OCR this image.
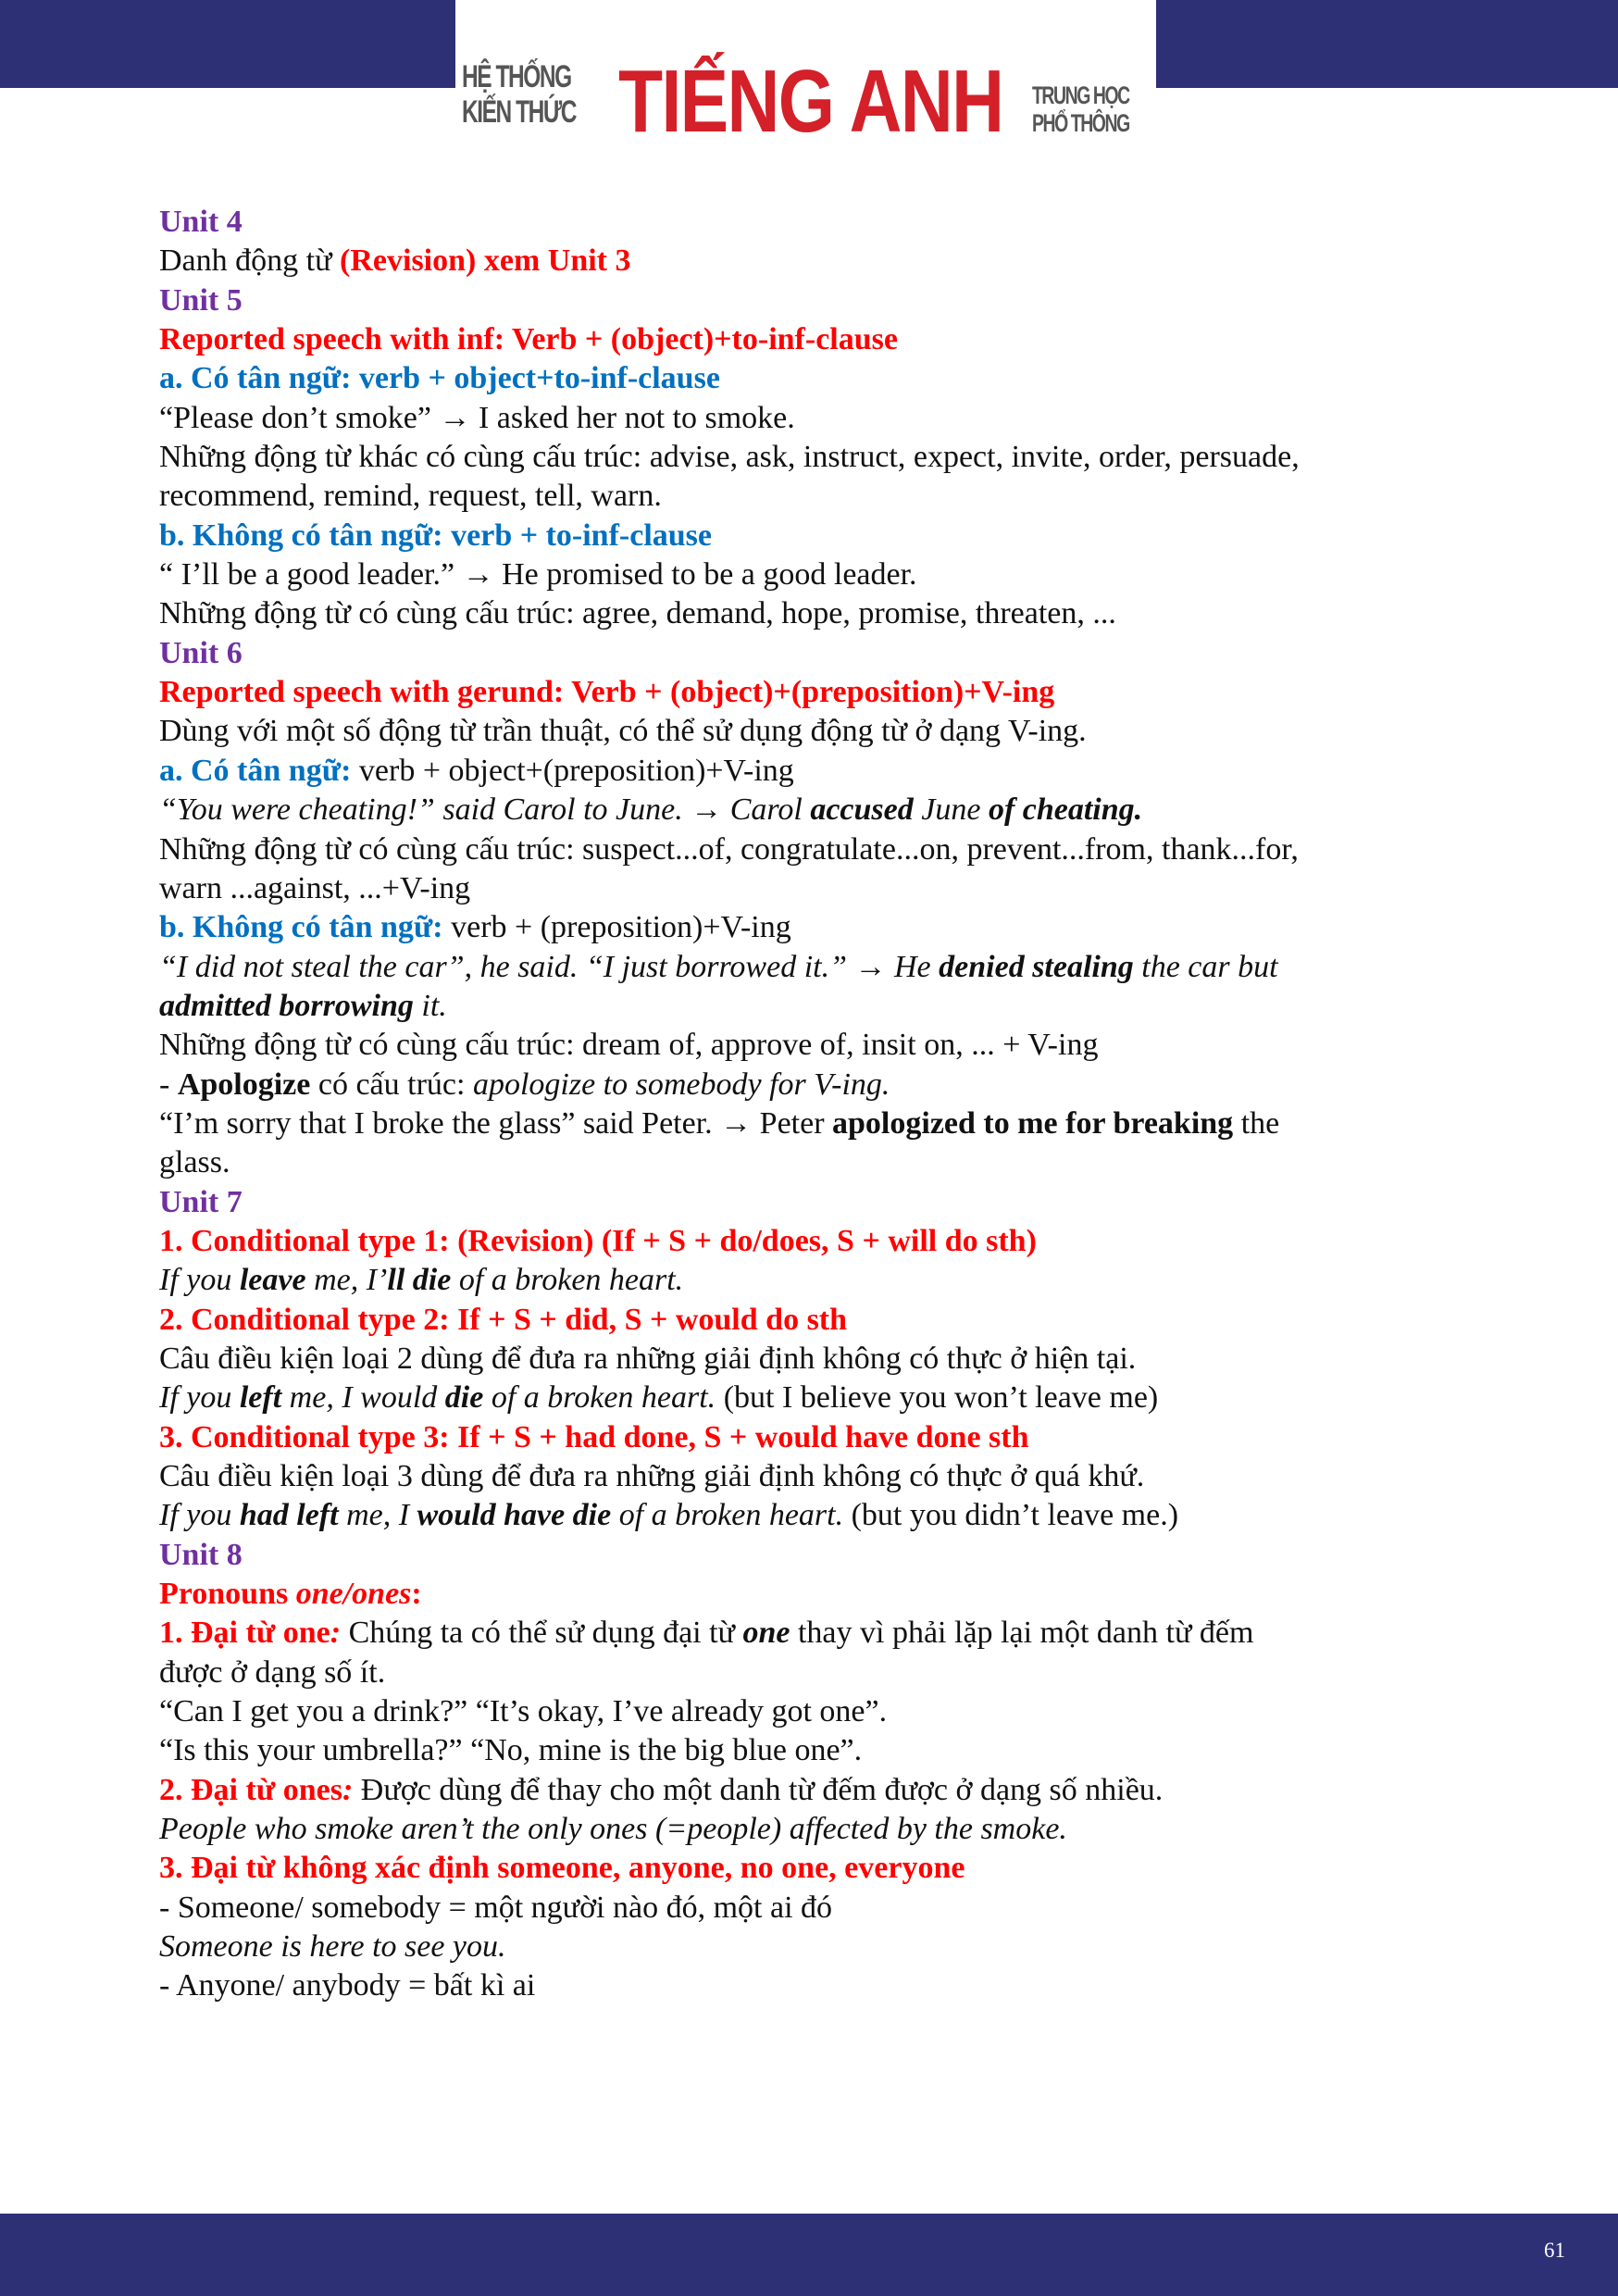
HỆ THỐNG
KIẾN THỨC TIẾNG ANH TRUNG HỌC
PHỔ THÔNG
Unit 4
Danh động từ (Revision) xem Unit 3
Unit 5
Reported speech with inf: Verb + (object)+to-inf-clause
a. Có tân ngữ: verb + object+to-inf-clause
“Please don’t smoke” → I asked her not to smoke.
Những động từ khác có cùng cấu trúc: advise, ask, instruct, expect, invite, order, persuade,
recommend, remind, request, tell, warn.
b. Không có tân ngữ: verb + to-inf-clause
“ I’ll be a good leader.” → He promised to be a good leader.
Những động từ có cùng cấu trúc: agree, demand, hope, promise, threaten, ...
Unit 6
Reported speech with gerund: Verb + (object)+(preposition)+V-ing
Dùng với một số động từ trần thuật, có thể sử dụng động từ ở dạng V-ing.
a. Có tân ngữ: verb + object+(preposition)+V-ing
“You were cheating!” said Carol to June. → Carol accused June of cheating.
Những động từ có cùng cấu trúc: suspect...of, congratulate...on, prevent...from, thank...for,
warn ...against, ...+V-ing
b. Không có tân ngữ: verb + (preposition)+V-ing
“I did not steal the car”, he said. “I just borrowed it.” → He denied stealing the car but
admitted borrowing it.
Những động từ có cùng cấu trúc: dream of, approve of, insit on, ... + V-ing
- Apologize có cấu trúc: apologize to somebody for V-ing.
“I’m sorry that I broke the glass” said Peter. → Peter apologized to me for breaking the
glass.
Unit 7
1. Conditional type 1: (Revision) (If + S + do/does, S + will do sth)
If you leave me, I’ll die of a broken heart.
2. Conditional type 2: If + S + did, S + would do sth
Câu điều kiện loại 2 dùng để đưa ra những giải định không có thực ở hiện tại.
If you left me, I would die of a broken heart. (but I believe you won’t leave me)
3. Conditional type 3: If + S + had done, S + would have done sth
Câu điều kiện loại 3 dùng để đưa ra những giải định không có thực ở quá khứ.
If you had left me, I would have die of a broken heart. (but you didn’t leave me.)
Unit 8
Pronouns one/ones:
1. Đại từ one: Chúng ta có thể sử dụng đại từ one thay vì phải lặp lại một danh từ đếm
được ở dạng số ít.
“Can I get you a drink?” “It’s okay, I’ve already got one”.
“Is this your umbrella?” “No, mine is the big blue one”.
2. Đại từ ones: Được dùng để thay cho một danh từ đếm được ở dạng số nhiều.
People who smoke aren’t the only ones (=people) affected by the smoke.
3. Đại từ không xác định someone, anyone, no one, everyone
- Someone/ somebody = một người nào đó, một ai đó
Someone is here to see you.
- Anyone/ anybody = bất kì ai
61
